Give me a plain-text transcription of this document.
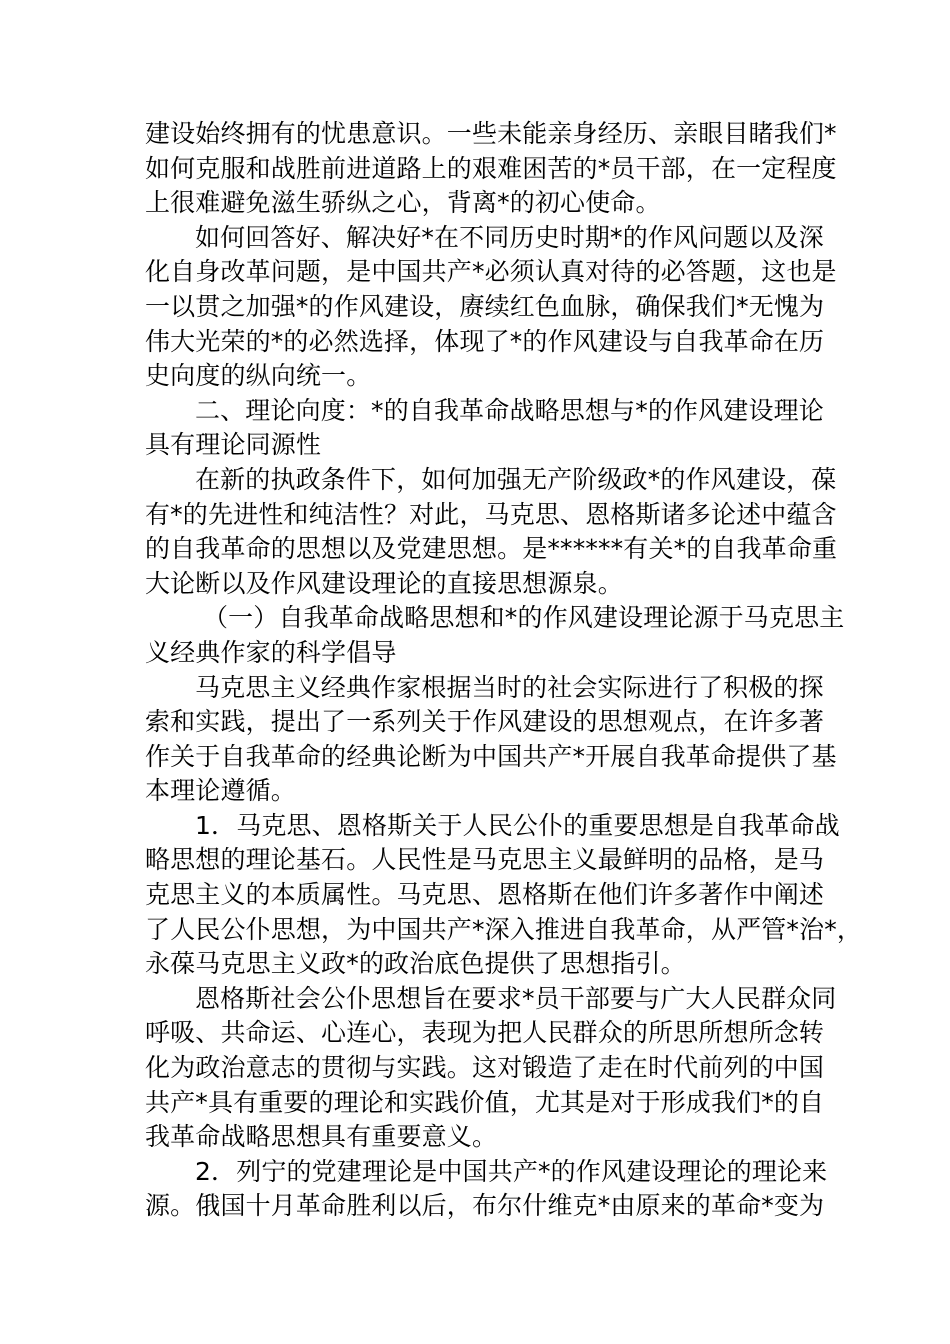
建设始终拥有的忧患意识。一些未能亲身经历、亲眼目睹我们*
如何克服和战胜前进道路上的艰难困苦的*员干部，在一定程度
上很难避免滋生骄纵之心，背离*的初心使命。
如何回答好、解决好*在不同历史时期*的作风问题以及深
化自身改革问题，是中国共产*必须认真对待的必答题，这也是
一以贯之加强*的作风建设，赓续红色血脉，确保我们*无愧为
伟大光荣的*的必然选择，体现了*的作风建设与自我革命在历
史向度的纵向统一。
二、理论向度：*的自我革命战略思想与*的作风建设理论
具有理论同源性
在新的执政条件下，如何加强无产阶级政*的作风建设，葆
有*的先进性和纯洁性？对此，马克思、恩格斯诸多论述中蕴含
的自我革命的思想以及党建思想。是******有关*的自我革命重
大论断以及作风建设理论的直接思想源泉。
（一）自我革命战略思想和*的作风建设理论源于马克思主
义经典作家的科学倡导
马克思主义经典作家根据当时的社会实际进行了积极的探
索和实践，提出了一系列关于作风建设的思想观点，在许多著
作关于自我革命的经典论断为中国共产*开展自我革命提供了基
本理论遵循。
1．马克思、恩格斯关于人民公仆的重要思想是自我革命战
略思想的理论基石。人民性是马克思主义最鲜明的品格，是马
克思主义的本质属性。马克思、恩格斯在他们许多著作中阐述
了人民公仆思想，为中国共产*深入推进自我革命，从严管*治*，
永葆马克思主义政*的政治底色提供了思想指引。
恩格斯社会公仆思想旨在要求*员干部要与广大人民群众同
呼吸、共命运、心连心，表现为把人民群众的所思所想所念转
化为政治意志的贯彻与实践。这对锻造了走在时代前列的中国
共产*具有重要的理论和实践价值，尤其是对于形成我们*的自
我革命战略思想具有重要意义。
2．列宁的党建理论是中国共产*的作风建设理论的理论来
源。俄国十月革命胜利以后，布尔什维克*由原来的革命*变为
